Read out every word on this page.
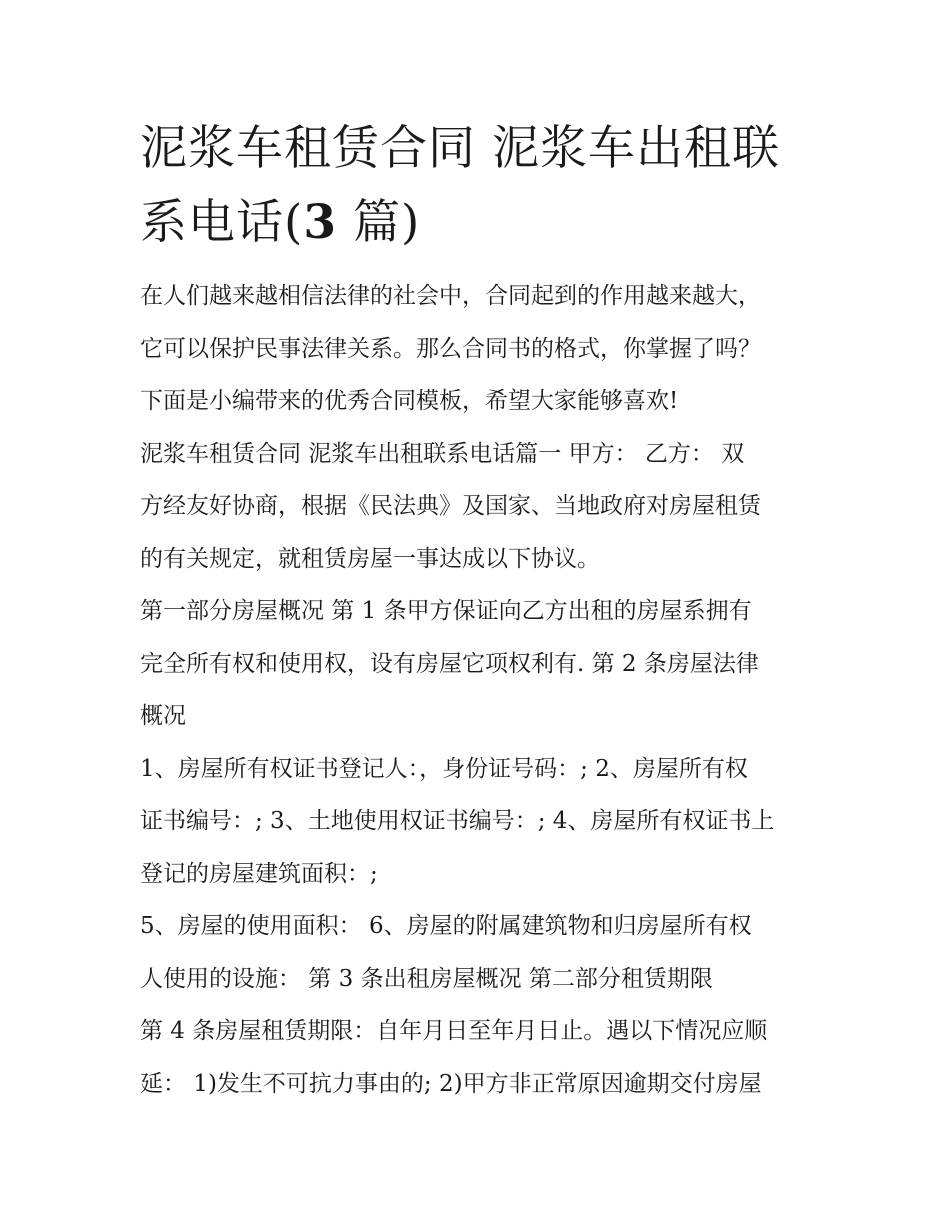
泥浆车租赁合同 泥浆车出租联系电话(3 篇)

在人们越来越相信法律的社会中，合同起到的作用越来越大，

它可以保护民事法律关系。那么合同书的格式，你掌握了吗？

下面是小编带来的优秀合同模板，希望大家能够喜欢!

泥浆车租赁合同 泥浆车出租联系电话篇一 甲方： 乙方： 双

方经友好协商，根据《民法典》及国家、当地政府对房屋租赁

的有关规定，就租赁房屋一事达成以下协议。

第一部分房屋概况 第 1 条甲方保证向乙方出租的房屋系拥有

完全所有权和使用权，设有房屋它项权利有. 第 2 条房屋法律

概况

1、房屋所有权证书登记人：，身份证号码：; 2、房屋所有权

证书编号：; 3、土地使用权证书编号：; 4、房屋所有权证书上

登记的房屋建筑面积：;

5、房屋的使用面积： 6、房屋的附属建筑物和归房屋所有权

人使用的设施： 第 3 条出租房屋概况 第二部分租赁期限

第 4 条房屋租赁期限：自年月日至年月日止。遇以下情况应顺

延： 1)发生不可抗力事由的; 2)甲方非正常原因逾期交付房屋
